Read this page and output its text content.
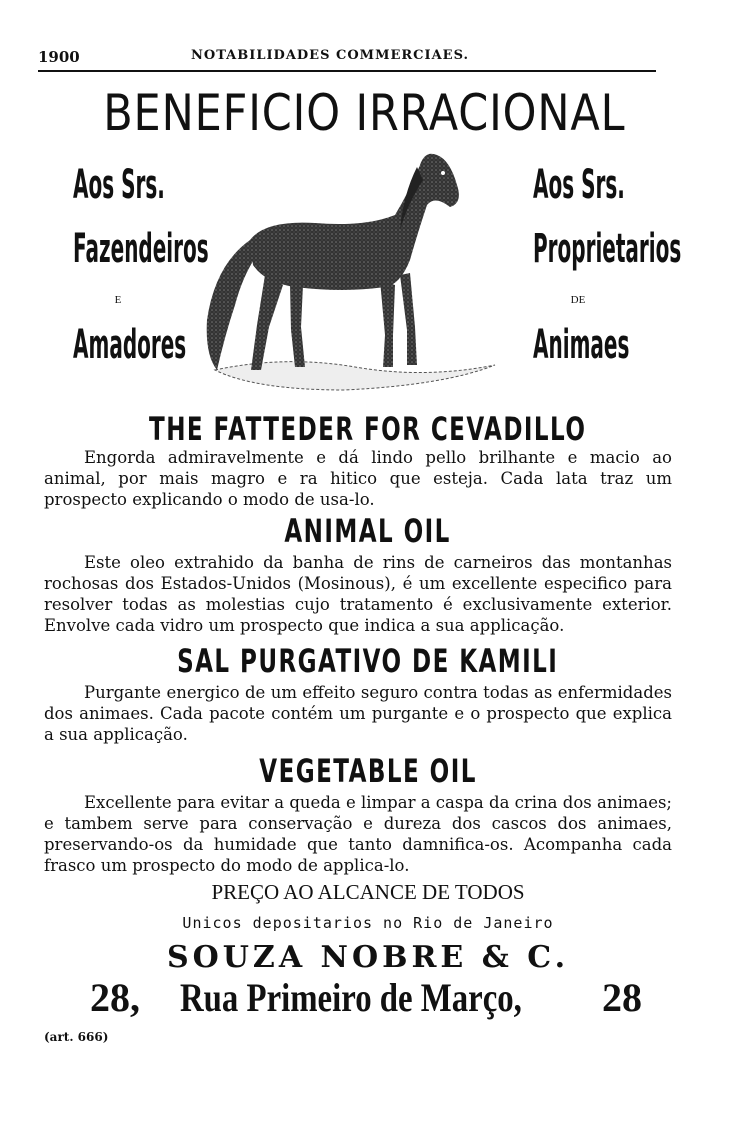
1900	NOTABILIDADES COMMERCIAES.
BENEFICIO IRRACIONAL
Aos Srs.
Fazendeiros
E
Amadores
Aos Srs.
Proprietarios
DE
Animaes
THE FATTEDER FOR CEVADILLO
Engorda admiravelmente e dá lindo pello brilhante e macio ao animal, por mais magro e ra hitico que esteja. Cada lata traz um prospecto explicando o modo de usa-lo.
ANIMAL OIL
Este oleo extrahido da banha de rins de carneiros das montanhas rochosas dos Estados-Unidos (Mosinous), é um excellente especifico para resolver todas as molestias cujo tratamento é exclusivamente exterior. Envolve cada vidro um prospecto que indica a sua applicação.
SAL PURGATIVO DE KAMILI
Purgante energico de um effeito seguro contra todas as enfermidades dos animaes. Cada pacote contém um purgante e o prospecto que explica a sua applicação.
VEGETABLE OIL
Excellente para evitar a queda e limpar a caspa da crina dos animaes; e tambem serve para conservação e dureza dos cascos dos animaes, preservando-os da humidade que tanto damnifica-os. Acompanha cada frasco um prospecto do modo de applica-lo.
PREÇO AO ALCANCE DE TODOS
Unicos depositarios no Rio de Janeiro
SOUZA NOBRE & C.
28, Rua Primeiro de Março, 28
(art. 666)
